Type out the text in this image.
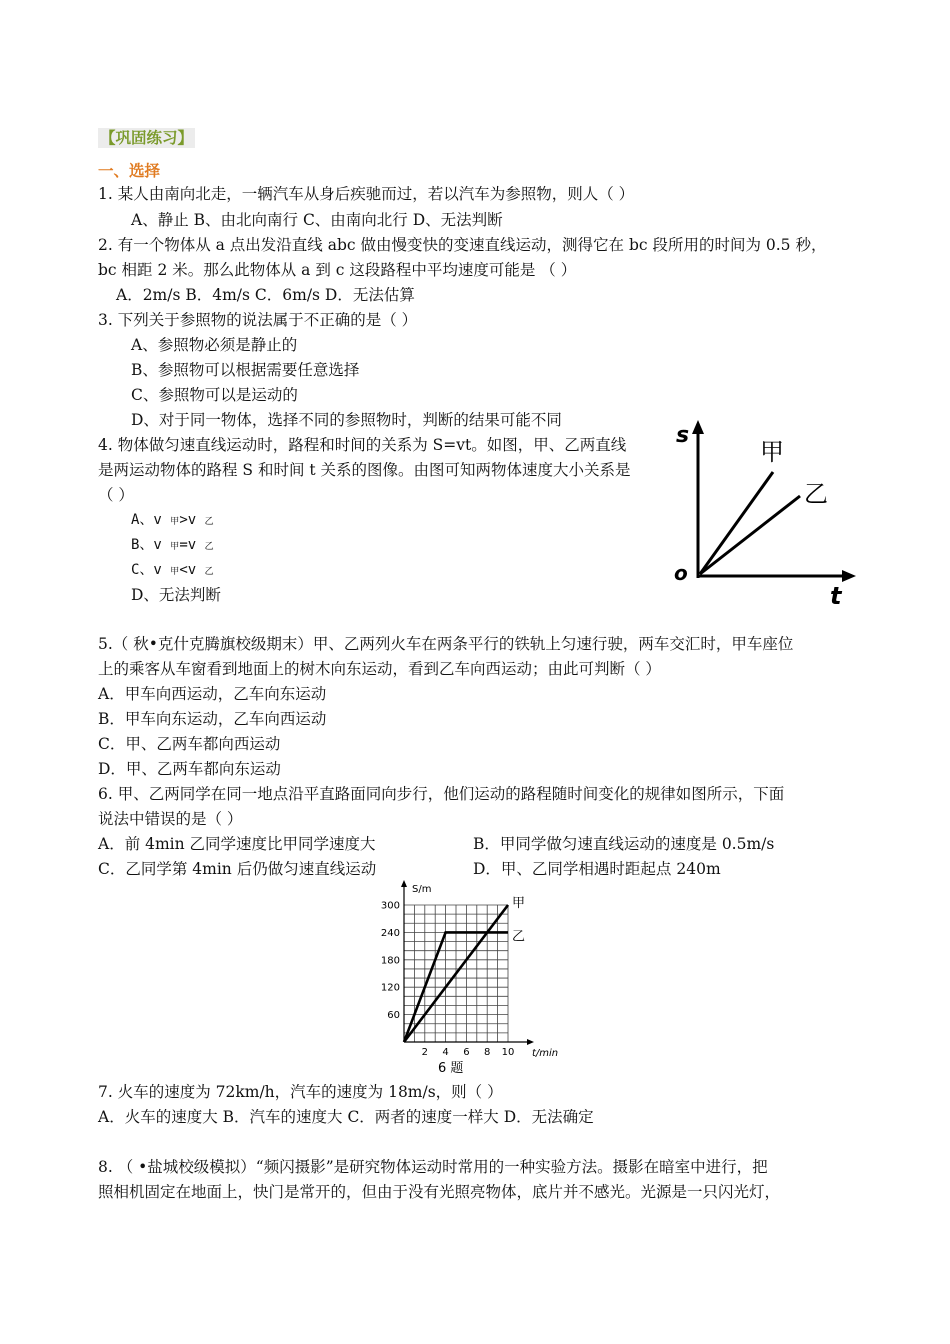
【巩固练习】
一、选择
1. 某人由南向北走，一辆汽车从身后疾驰而过，若以汽车为参照物，则人（ ）
A、静止 B、由北向南行 C、由南向北行 D、无法判断
2. 有一个物体从 a 点出发沿直线 abc 做由慢变快的变速直线运动，测得它在 bc 段所用的时间为 0.5 秒，
bc 相距 2 米。那么此物体从 a 到 c 这段路程中平均速度可能是 （ ）
A．2m/s B．4m/s C．6m/s D．无法估算
3. 下列关于参照物的说法属于不正确的是（ ）
A、参照物必须是静止的
B、参照物可以根据需要任意选择
C、参照物可以是运动的
D、对于同一物体，选择不同的参照物时，判断的结果可能不同
4. 物体做匀速直线运动时，路程和时间的关系为 S=vt。如图，甲、乙两直线
是两运动物体的路程 S 和时间 t 关系的图像。由图可知两物体速度大小关系是
（ ）
A、v 甲>v 乙
B、v 甲=v 乙
C、v 甲<v 乙
D、无法判断
s
t
o
甲
乙
5.（ 秋•克什克腾旗校级期末）甲、乙两列火车在两条平行的铁轨上匀速行驶，两车交汇时，甲车座位
上的乘客从车窗看到地面上的树木向东运动，看到乙车向西运动；由此可判断（ ）
A．甲车向西运动，乙车向东运动
B．甲车向东运动，乙车向西运动
C．甲、乙两车都向西运动
D．甲、乙两车都向东运动
6. 甲、乙两同学在同一地点沿平直路面同向步行，他们运动的路程随时间变化的规律如图所示，下面
说法中错误的是（ ）
A．前 4min 乙同学速度比甲同学速度大	B．甲同学做匀速直线运动的速度是 0.5m/s
C．乙同学第 4min 后仍做匀速直线运动	D．甲、乙同学相遇时距起点 240m
2 4 6 8 10
60
120
180
240
300	甲
乙
S/m
t/min
6 题
7. 火车的速度为 72km/h，汽车的速度为 18m/s，则（ ）
A．火车的速度大 B．汽车的速度大 C．两者的速度一样大 D．无法确定
8. （ •盐城校级模拟）“频闪摄影”是研究物体运动时常用的一种实验方法。摄影在暗室中进行，把
照相机固定在地面上，快门是常开的，但由于没有光照亮物体，底片并不感光。光源是一只闪光灯，
